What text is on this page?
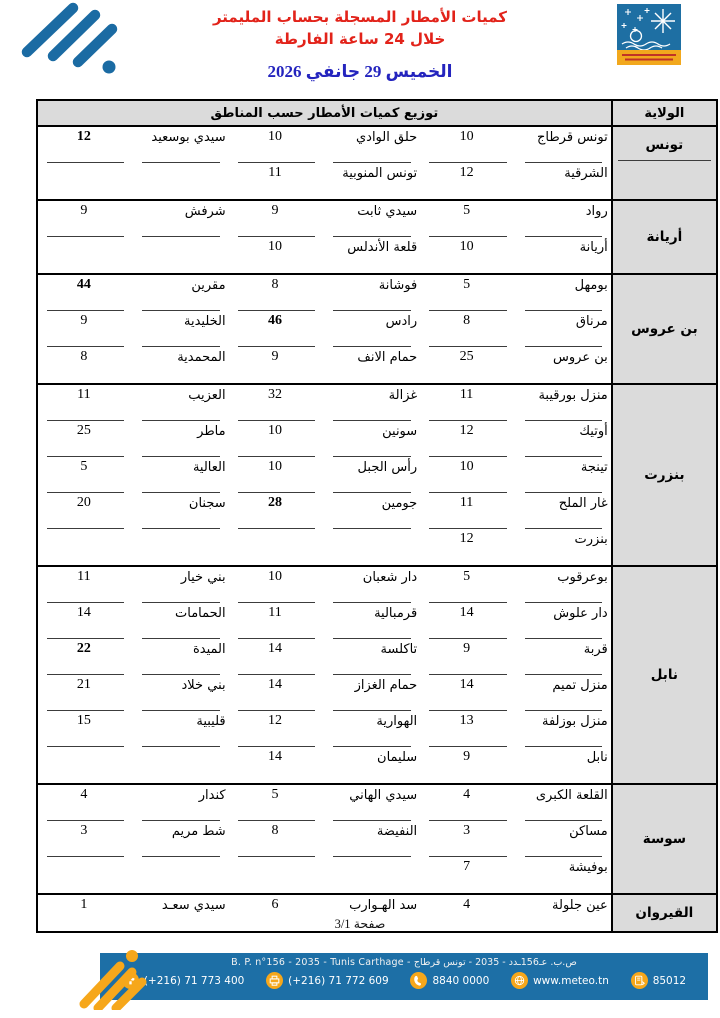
كميات الأمطار المسجلة بحساب المليمتر
خلال 24 ساعة الفارطة
الخميس 29 جانفي 2026
الولاية	توزيع كميات الأمطار حسب المناطق					
تونس	تونس قرطاج	10	حلق الوادي	10	سيدي بوسعيد	12
	الشرقية	12	تونس المنوبية	11		
أريانة	رواد	5	سيدي ثابت	9	شرفش	9
	أريانة	10	قلعة الأندلس	10		
بن عروس	بومهل	5	فوشانة	8	مقرين	44
	مرناق	8	رادس	46	الخليدية	9
	بن عروس	25	حمام الانف	9	المحمدية	8
بنزرت	منزل بورقيبة	11	غزالة	32	العزيب	11
	أوتيك	12	سونين	10	ماطر	25
	تينجة	10	رأس الجبل	10	العالية	5
	غار الملح	11	جومين	28	سجنان	20
	بنزرت	12				
نابل	بوعرقوب	5	دار شعبان	10	بني خيار	11
	دار علوش	14	قرمبالية	11	الحمامات	14
	قربة	9	تاكلسة	14	الميدة	22
	منزل تميم	14	حمام الغزاز	14	بني خلاد	21
	منزل بوزلفة	13	الهوارية	12	قليبية	15
	نابل	9	سليمان	14		
سوسة	القلعة الكبرى	4	سيدي الهاني	5	كندار	4
	مساكن	3	النفيضة	8	شط مريم	3
	بوفيشة	7				
القيروان	عين جلولة	4	سد الهـوارب	6	سيدي سعـد	1
صفحة 3/1
B. P. n°156 - 2035 - Tunis Carthage - ص.ب. عـ156ـدد - 2035 - تونس قرطاج
(+216) 71 773 400	(+216) 71 772 609	8840 0000	www.meteo.tn	85012
